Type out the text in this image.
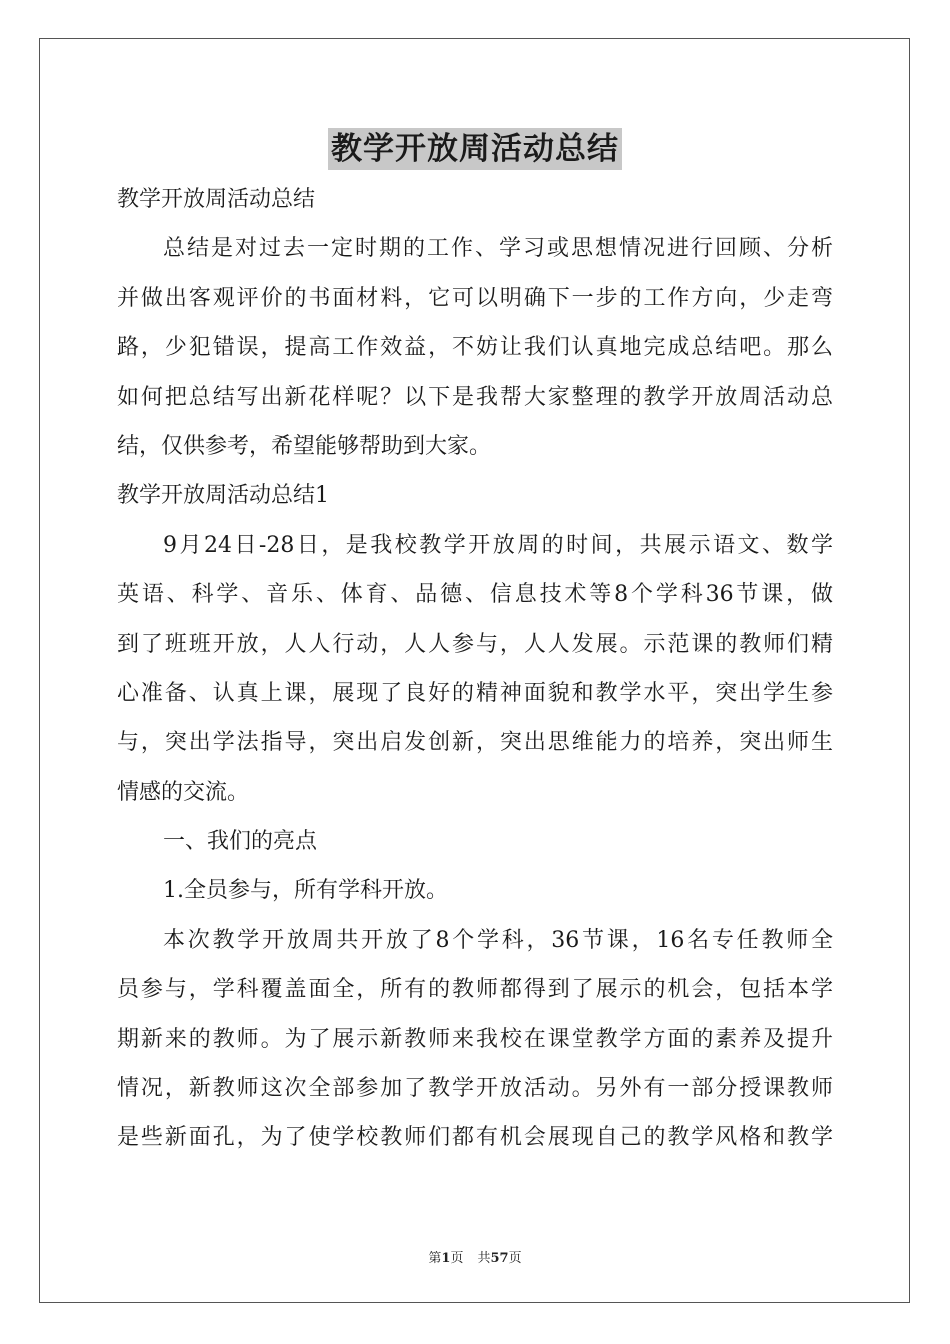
教学开放周活动总结
教学开放周活动总结
总结是对过去一定时期的工作、学习或思想情况进行回顾、分析
并做出客观评价的书面材料，它可以明确下一步的工作方向，少走弯
路，少犯错误，提高工作效益，不妨让我们认真地完成总结吧。那么
如何把总结写出新花样呢？以下是我帮大家整理的教学开放周活动总
结，仅供参考，希望能够帮助到大家。
教学开放周活动总结1
9月24日-28日，是我校教学开放周的时间，共展示语文、数学
英语、科学、音乐、体育、品德、信息技术等8个学科36节课，做
到了班班开放，人人行动，人人参与，人人发展。示范课的教师们精
心准备、认真上课，展现了良好的精神面貌和教学水平，突出学生参
与，突出学法指导，突出启发创新，突出思维能力的培养，突出师生
情感的交流。
一、我们的亮点
1.全员参与，所有学科开放。
本次教学开放周共开放了8个学科，36节课，16名专任教师全
员参与，学科覆盖面全，所有的教师都得到了展示的机会，包括本学
期新来的教师。为了展示新教师来我校在课堂教学方面的素养及提升
情况，新教师这次全部参加了教学开放活动。另外有一部分授课教师
是些新面孔，为了使学校教师们都有机会展现自己的教学风格和教学
第1页 共57页
